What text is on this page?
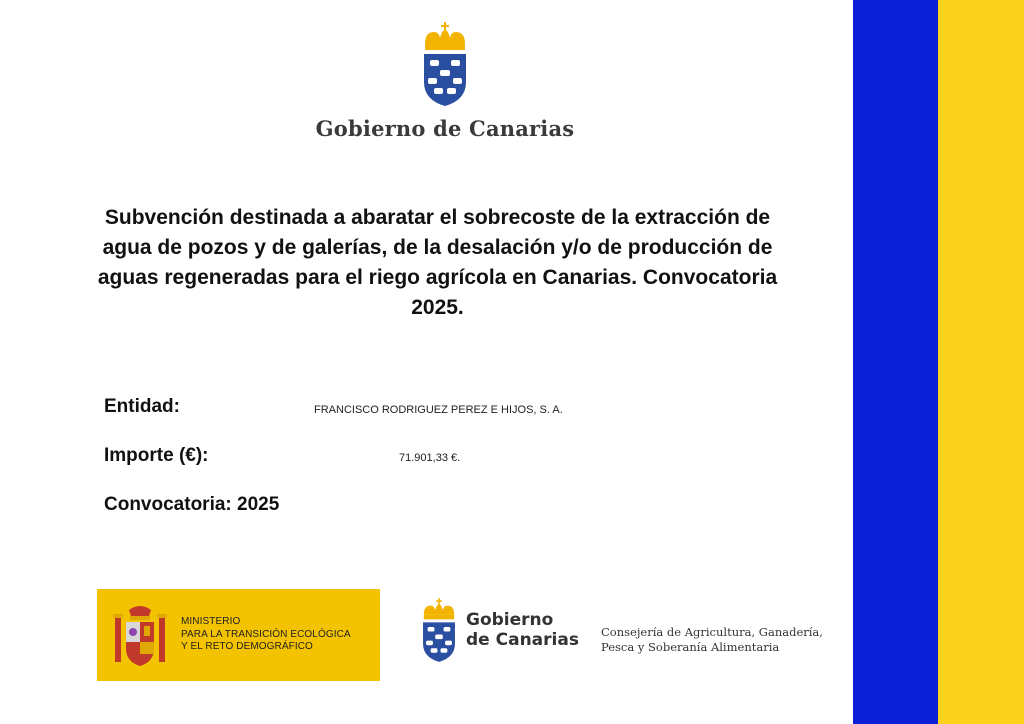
Gobierno de Canarias
Subvención destinada a abaratar el sobrecoste de la extracción de agua de pozos y de galerías, de la desalación y/o de producción de aguas regeneradas para el riego agrícola en Canarias. Convocatoria 2025.
Entidad:	FRANCISCO RODRIGUEZ PEREZ E HIJOS, S. A.
Importe (€):	71.901,33 €.
Convocatoria: 2025
MINISTERIO
PARA LA TRANSICIÓN ECOLÓGICA
Y EL RETO DEMOGRÁFICO
Gobierno
de Canarias Consejería de Agricultura, Ganadería,
Pesca y Soberanía Alimentaria
